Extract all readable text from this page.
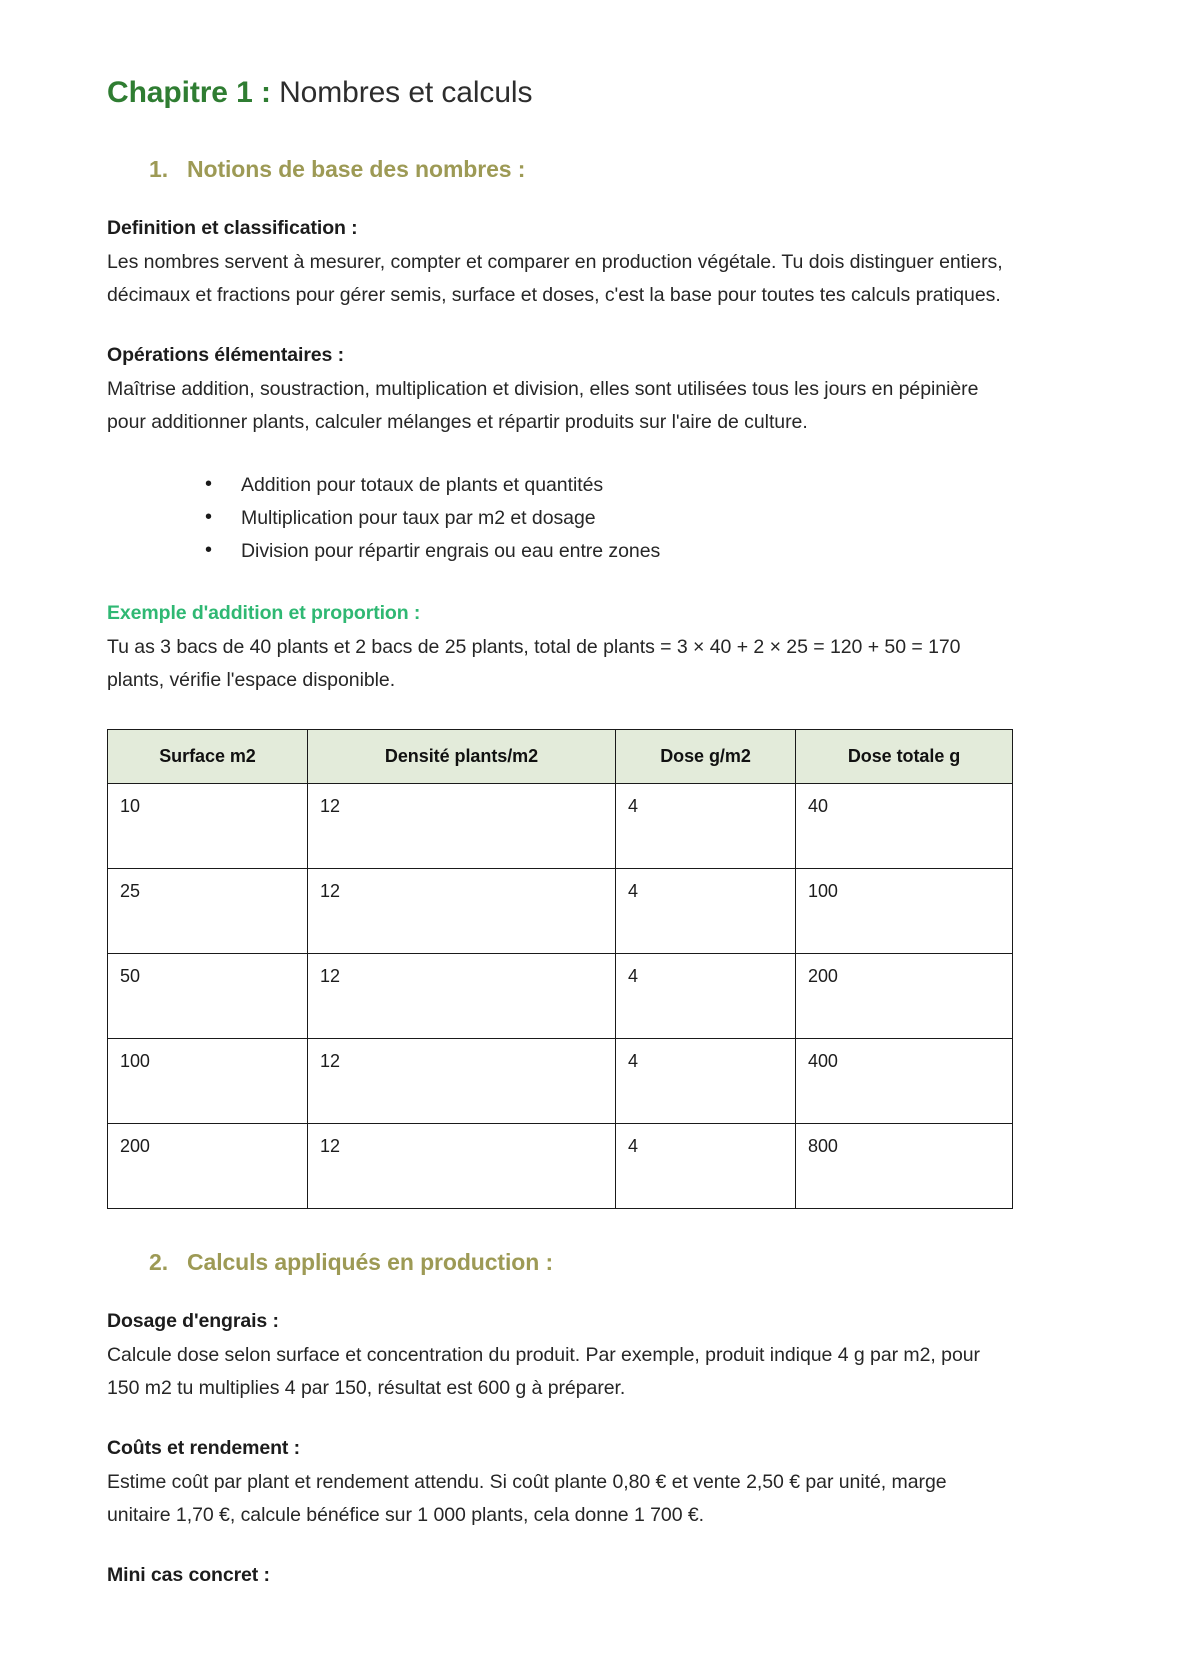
Chapitre 1 : Nombres et calculs
1. Notions de base des nombres :
Definition et classification :

Les nombres servent à mesurer, compter et comparer en production végétale. Tu dois distinguer entiers, décimaux et fractions pour gérer semis, surface et doses, c'est la base pour toutes tes calculs pratiques.

Opérations élémentaires :

Maîtrise addition, soustraction, multiplication et division, elles sont utilisées tous les jours en pépinière pour additionner plants, calculer mélanges et répartir produits sur l'aire de culture.

• Addition pour totaux de plants et quantités
• Multiplication pour taux par m2 et dosage
• Division pour répartir engrais ou eau entre zones
Exemple d'addition et proportion :

Tu as 3 bacs de 40 plants et 2 bacs de 25 plants, total de plants = 3 × 40 + 2 × 25 = 120 + 50 = 170 plants, vérifie l'espace disponible.

Surface m2	Densité plants/m2	Dose g/m2	Dose totale g
10	12	4	40
25	12	4	100
50	12	4	200
100	12	4	400
200	12	4	800
2. Calculs appliqués en production :
Dosage d'engrais :

Calcule dose selon surface et concentration du produit. Par exemple, produit indique 4 g par m2, pour 150 m2 tu multiplies 4 par 150, résultat est 600 g à préparer.

Coûts et rendement :

Estime coût par plant et rendement attendu. Si coût plante 0,80 € et vente 2,50 € par unité, marge unitaire 1,70 €, calcule bénéfice sur 1 000 plants, cela donne 1 700 €.

Mini cas concret :
